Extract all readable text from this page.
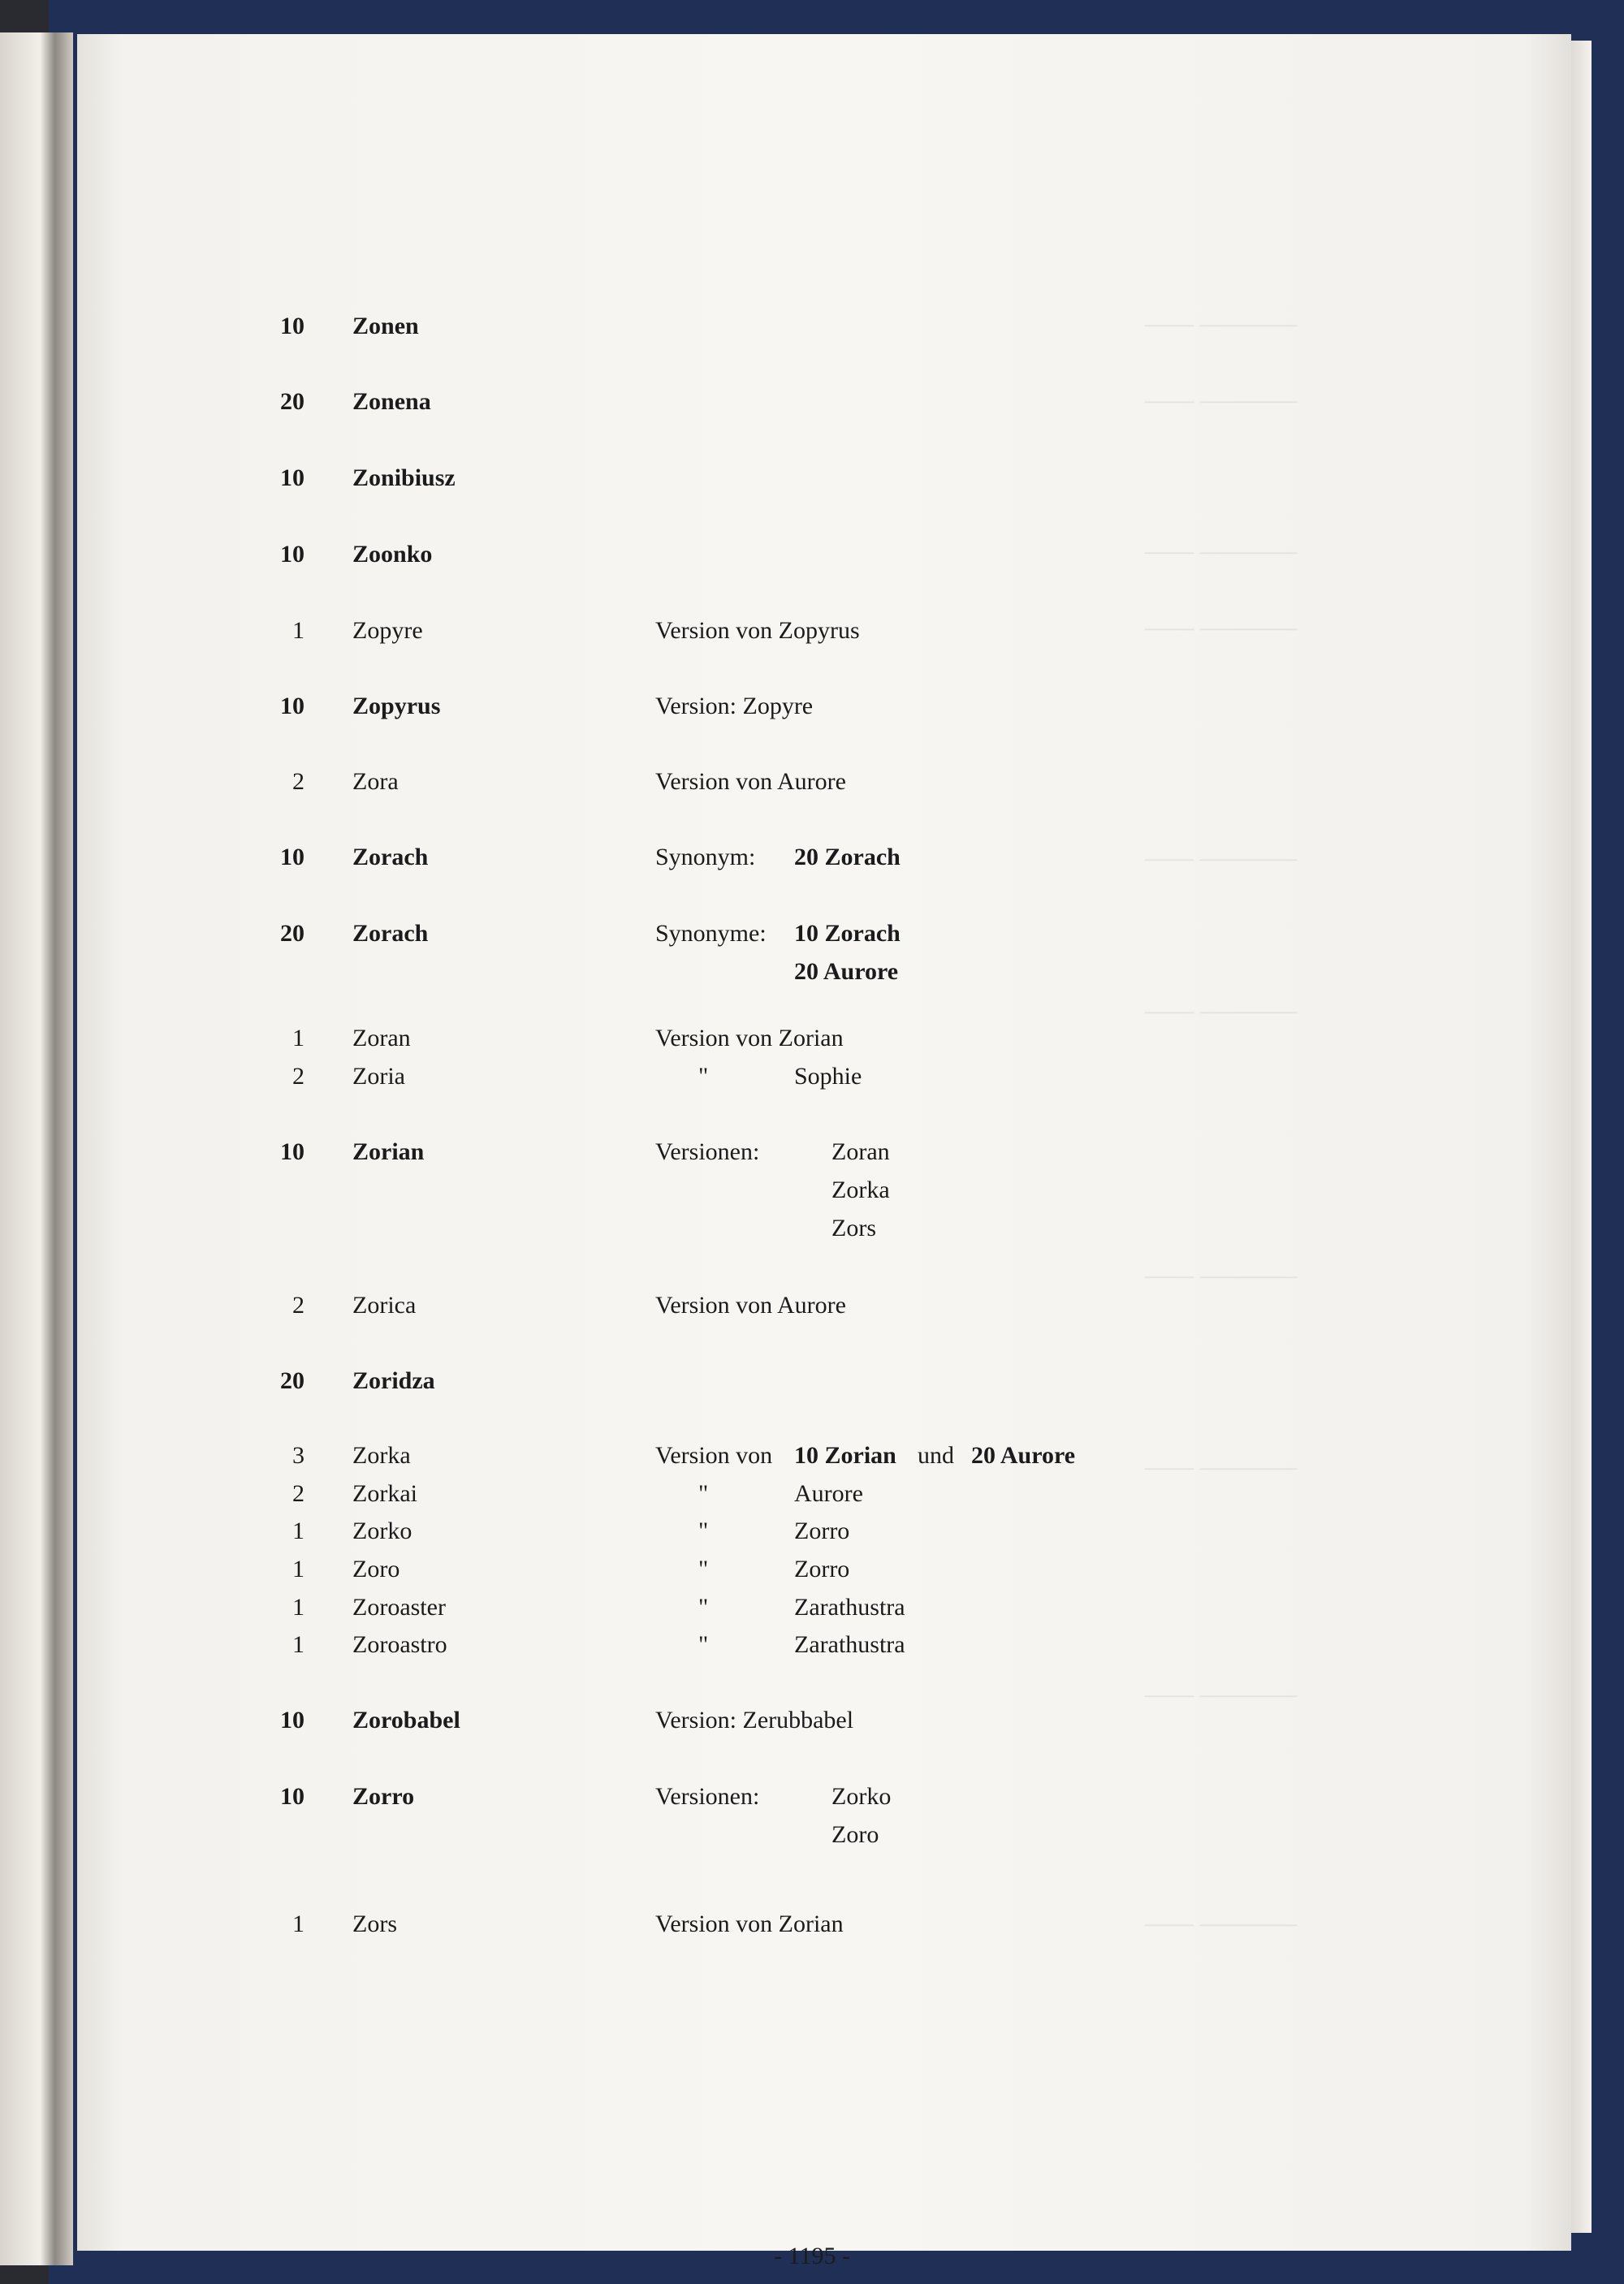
10 Zonen
20 Zonena
10 Zonibiusz
10 Zoonko
1 Zopyre	Version von Zopyrus
10 Zopyrus	Version: Zopyre
2 Zora	Version von Aurore
10 Zorach	Synonym: 20 Zorach
20 Zorach	Synonyme: 10 Zorach
20 Aurore
1 Zoran	Version von Zorian
2 Zoria	"	Sophie
10 Zorian	Versionen:	Zoran
Zorka
Zors
2 Zorica	Version von Aurore
20 Zoridza
3 Zorka	Version von 10 Zorian und 20 Aurore
2 Zorkai	"	Aurore
1 Zorko	"	Zorro
1 Zoro	"	Zorro
1 Zoroaster	"	Zarathustra
1 Zoroastro	"	Zarathustra
10 Zorobabel	Version: Zerubbabel
10 Zorro	Versionen:	Zorko
Zoro
1 Zors	Version von Zorian
- 1195 -
